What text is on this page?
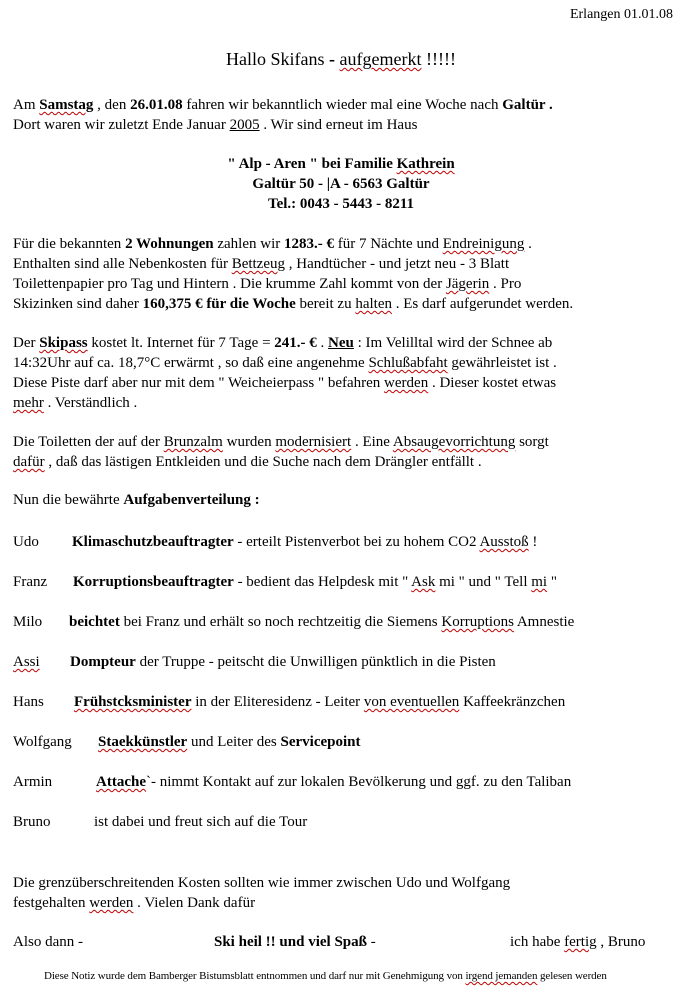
Erlangen 01.01.08
Hallo Skifans - aufgemerkt !!!!!
Am Samstag , den 26.01.08 fahren wir bekanntlich wieder mal eine Woche nach Galtür .
Dort waren wir zuletzt Ende Januar 2005 . Wir sind erneut im Haus
" Alp - Aren " bei Familie Kathrein
Galtür 50 - |A - 6563 Galtür
Tel.: 0043 - 5443 - 8211
Für die bekannten 2 Wohnungen zahlen wir 1283.- € für 7 Nächte und Endreinigung .
Enthalten sind alle Nebenkosten für Bettzeug , Handtücher - und jetzt neu - 3 Blatt
Toilettenpapier pro Tag und Hintern . Die krumme Zahl kommt von der Jägerin . Pro
Skizinken sind daher 160,375 € für die Woche bereit zu halten . Es darf aufgerundet werden.
Der Skipass kostet lt. Internet für 7 Tage = 241.- € . Neu : Im Velilltal wird der Schnee ab
14:32Uhr auf ca. 18,7°C erwärmt , so daß eine angenehme Schlußabfaht gewährleistet ist .
Diese Piste darf aber nur mit dem " Weicheierpass " befahren werden . Dieser kostet etwas
mehr . Verständlich .
Die Toiletten der auf der Brunzalm wurden modernisiert . Eine Absaugevorrichtung sorgt
dafür , daß das lästigen Entkleiden und die Suche nach dem Drängler entfällt .
Nun die bewährte Aufgabenverteilung :
Udo Klimaschutzbeauftragter - erteilt Pistenverbot bei zu hohem CO2 Ausstoß !
Franz Korruptionsbeauftragter - bedient das Helpdesk mit " Ask mi " und " Tell mi "
Milo beichtet bei Franz und erhält so noch rechtzeitig die Siemens Korruptions Amnestie
Assi Dompteur der Truppe - peitscht die Unwilligen pünktlich in die Pisten
Hans Frühstcksminister in der Eliteresidenz - Leiter von eventuellen Kaffeekränzchen
Wolfgang Staekkünstler und Leiter des Servicepoint
Armin	Attache`- nimmt Kontakt auf zur lokalen Bevölkerung und ggf. zu den Taliban
Bruno	ist dabei und freut sich auf die Tour
Die grenzüberschreitenden Kosten sollten wie immer zwischen Udo und Wolfgang
festgehalten werden . Vielen Dank dafür
Also dann -	Ski heil !! und viel Spaß -	ich habe fertig , Bruno
Diese Notiz wurde dem Bamberger Bistumsblatt entnommen und darf nur mit Genehmigung von irgend jemanden gelesen werden
